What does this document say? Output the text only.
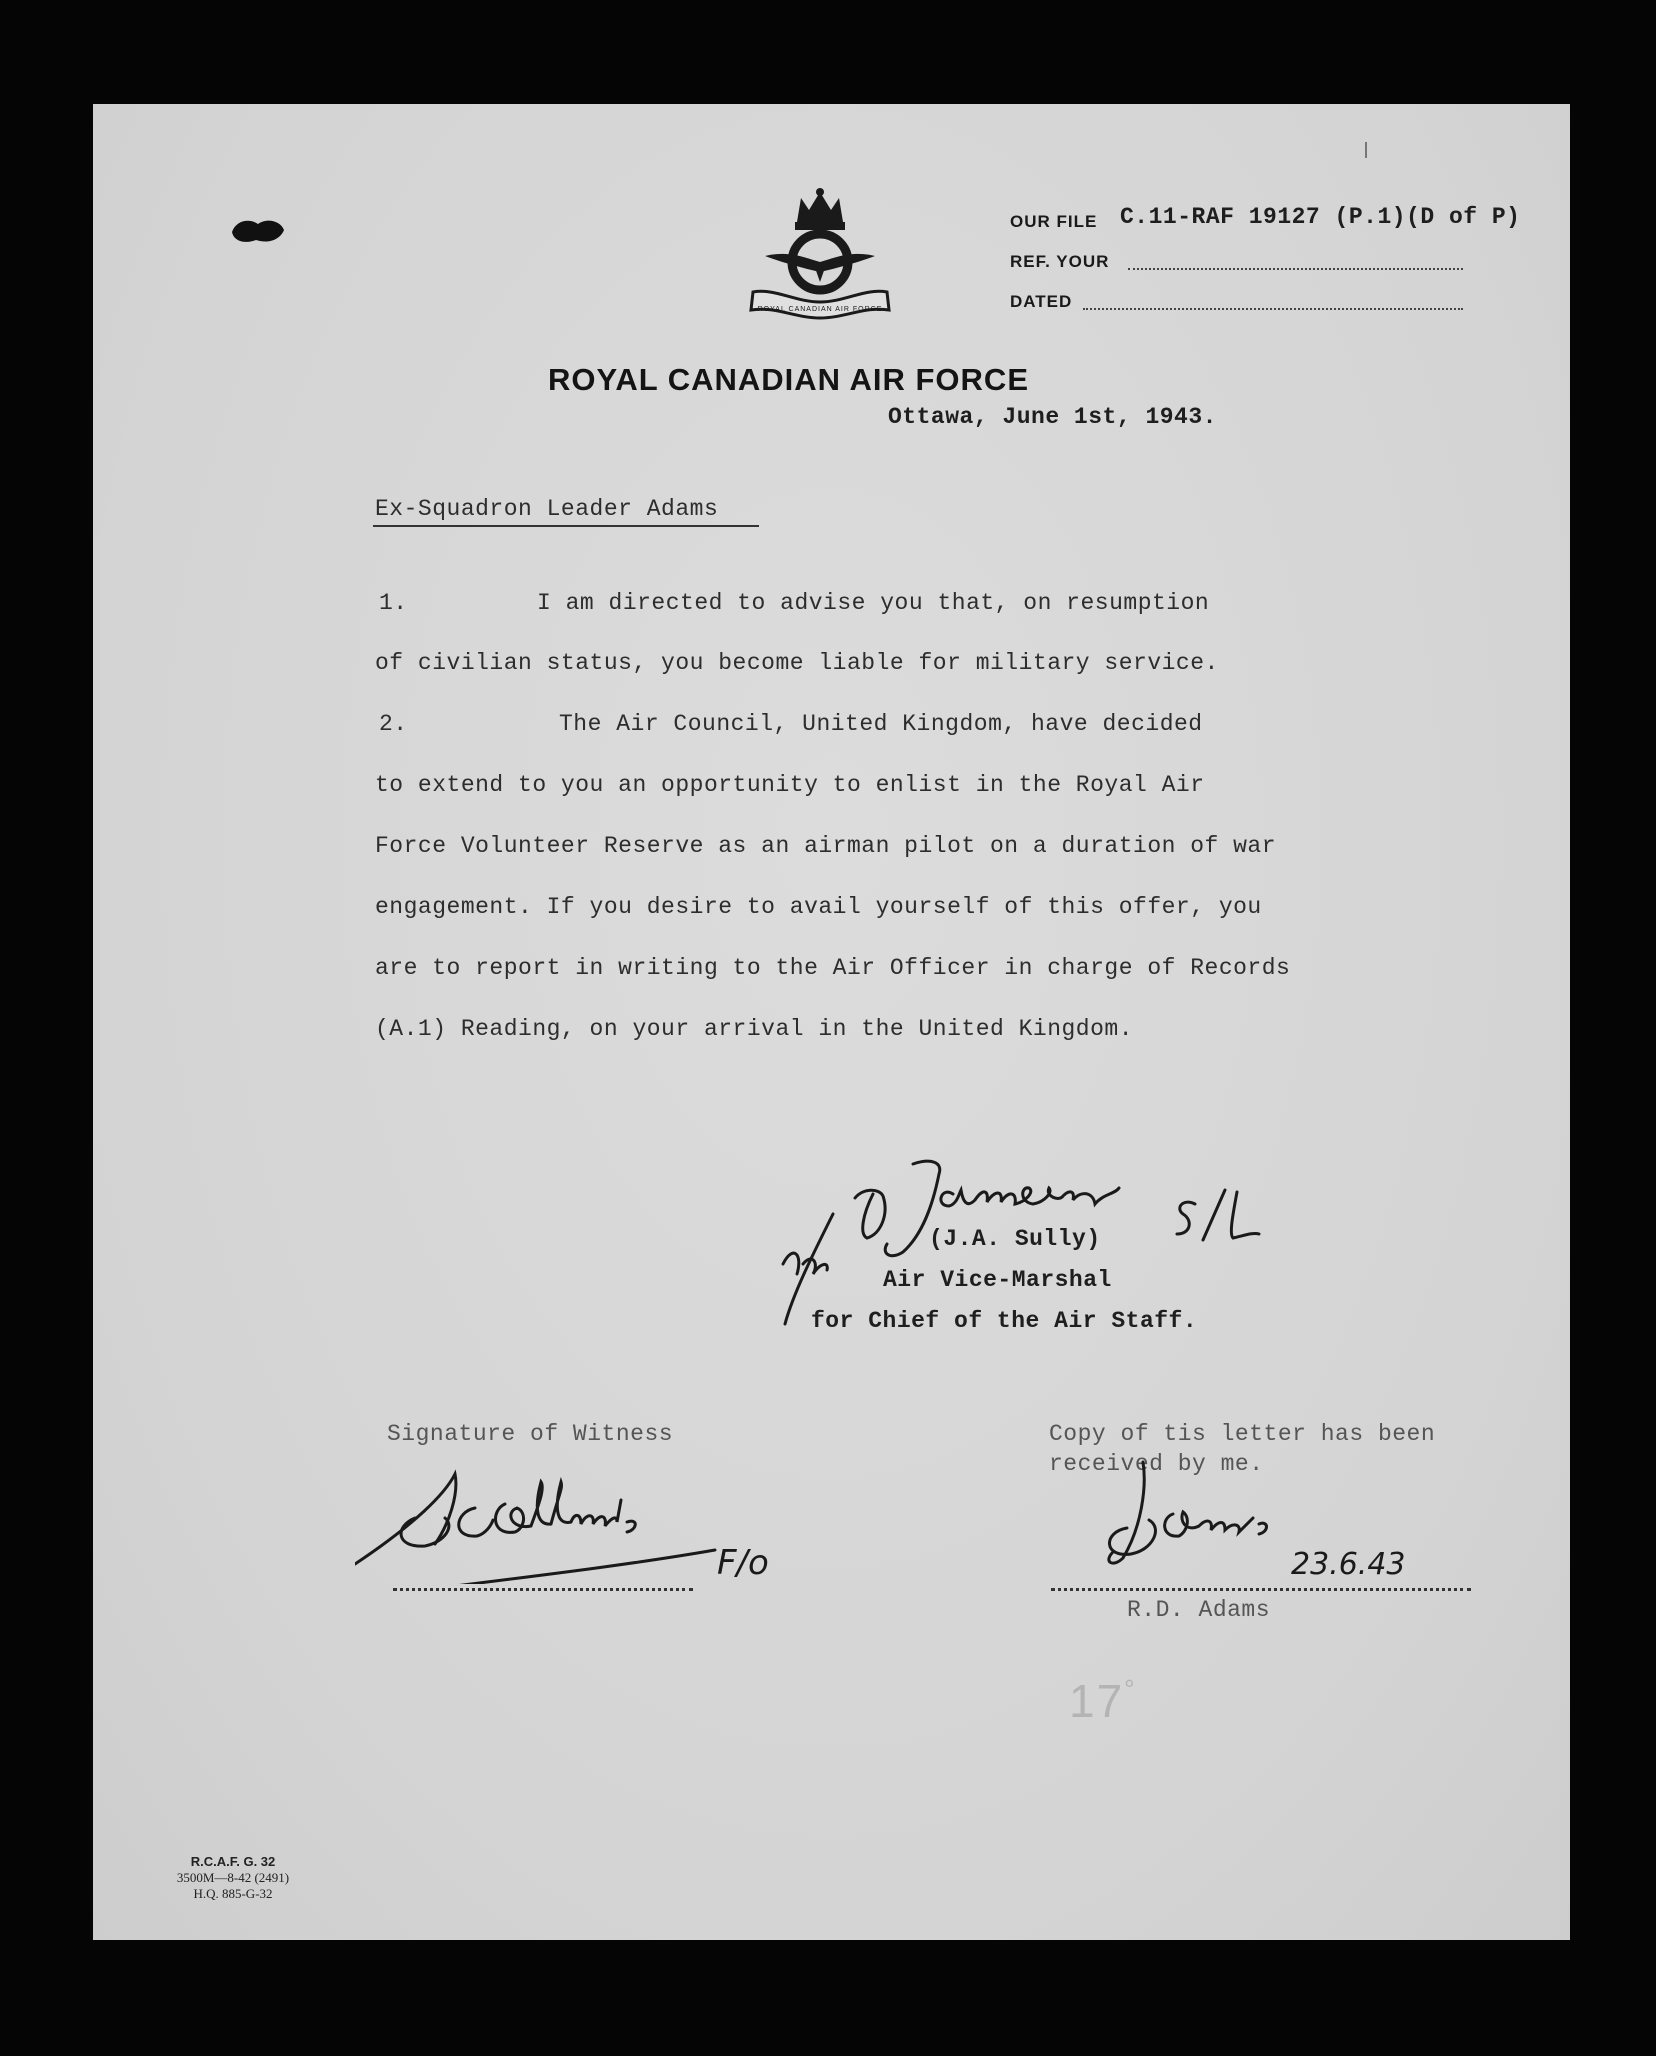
ROYAL CANADIAN AIR FORCE
OUR FILE C.11-RAF 19127 (P.1)(D of P)
REF. YOUR
DATED
ROYAL CANADIAN AIR FORCE
Ottawa, June 1st, 1943.
Ex-Squadron Leader Adams
1.	I am directed to advise you that, on resumption
of civilian status, you become liable for military service.
2.	The Air Council, United Kingdom, have decided
to extend to you an opportunity to enlist in the Royal Air
Force Volunteer Reserve as an airman pilot on a duration of war
engagement. If you desire to avail yourself of this offer, you
are to report in writing to the Air Officer in charge of Records
(A.1) Reading, on your arrival in the United Kingdom.
(J.A. Sully)
Air Vice-Marshal
for Chief of the Air Staff.
Signature of Witness
F/o
Copy of tis letter has been
received by me.
23.6.43
R.D. Adams
17°
R.C.A.F. G. 32
3500M—8-42 (2491)
H.Q. 885-G-32
